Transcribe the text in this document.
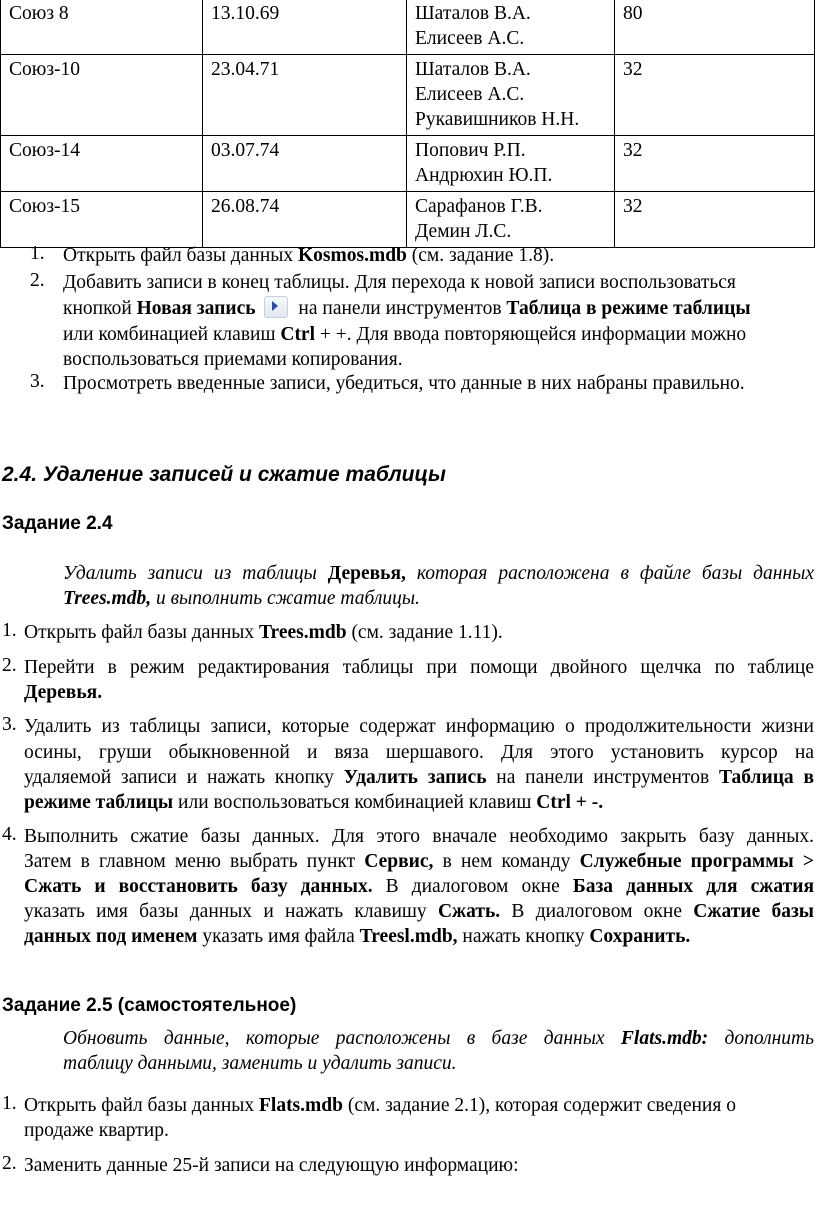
Союз 8	13.10.69	Шаталов В.А.
Елисеев А.С.	80
Союз-10	23.04.71	Шаталов В.А.
Елисеев А.С.
Рукавишников Н.Н.	32
Союз-14	03.07.74	Попович Р.П.
Андрюхин Ю.П.	32
Союз-15	26.08.74	Сарафанов Г.В.
Демин Л.С.	32
1. Открыть файл базы данных Kosmos.mdb (см. задание 1.8).
2. Добавить записи в конец таблицы. Для перехода к новой записи воспользоваться
кнопкой Новая запись
на панели инструментов Таблица в режиме таблицы
или комбинацией клавиш Ctrl + +. Для ввода повторяющейся информации можно
воспользоваться приемами копирования.
3. Просмотреть введенные записи, убедиться, что данные в них набраны правильно.
2.4. Удаление записей и сжатие таблицы
Задание 2.4
Удалить записи из таблицы Деревья, которая расположена в файле базы данных
Trees.mdb, и выполнить сжатие таблицы.
1. Открыть файл базы данных Trees.mdb (см. задание 1.11).
2. Перейти в режим редактирования таблицы при помощи двойного щелчка по таблице
Деревья.
3. Удалить из таблицы записи, которые содержат информацию о продолжительности жизни
осины, груши обыкновенной и вяза шершавого. Для этого установить курсор на
удаляемой записи и нажать кнопку Удалить запись на панели инструментов Таблица в
режиме таблицы или воспользоваться комбинацией клавиш Ctrl + -.
4. Выполнить сжатие базы данных. Для этого вначале необходимо закрыть базу данных.
Затем в главном меню выбрать пункт Сервис, в нем команду Служебные программы >
Сжать и восстановить базу данных. В диалоговом окне База данных для сжатия
указать имя базы данных и нажать клавишу Сжать. В диалоговом окне Сжатие базы
данных под именем указать имя файла Treesl.mdb, нажать кнопку Сохранить.
Задание 2.5 (самостоятельное)
Обновить данные, которые расположены в базе данных Flats.mdb: дополнить
таблицу данными, заменить и удалить записи.
1. Открыть файл базы данных Flats.mdb (см. задание 2.1), которая содержит сведения о
продаже квартир.
2. Заменить данные 25-й записи на следующую информацию:
